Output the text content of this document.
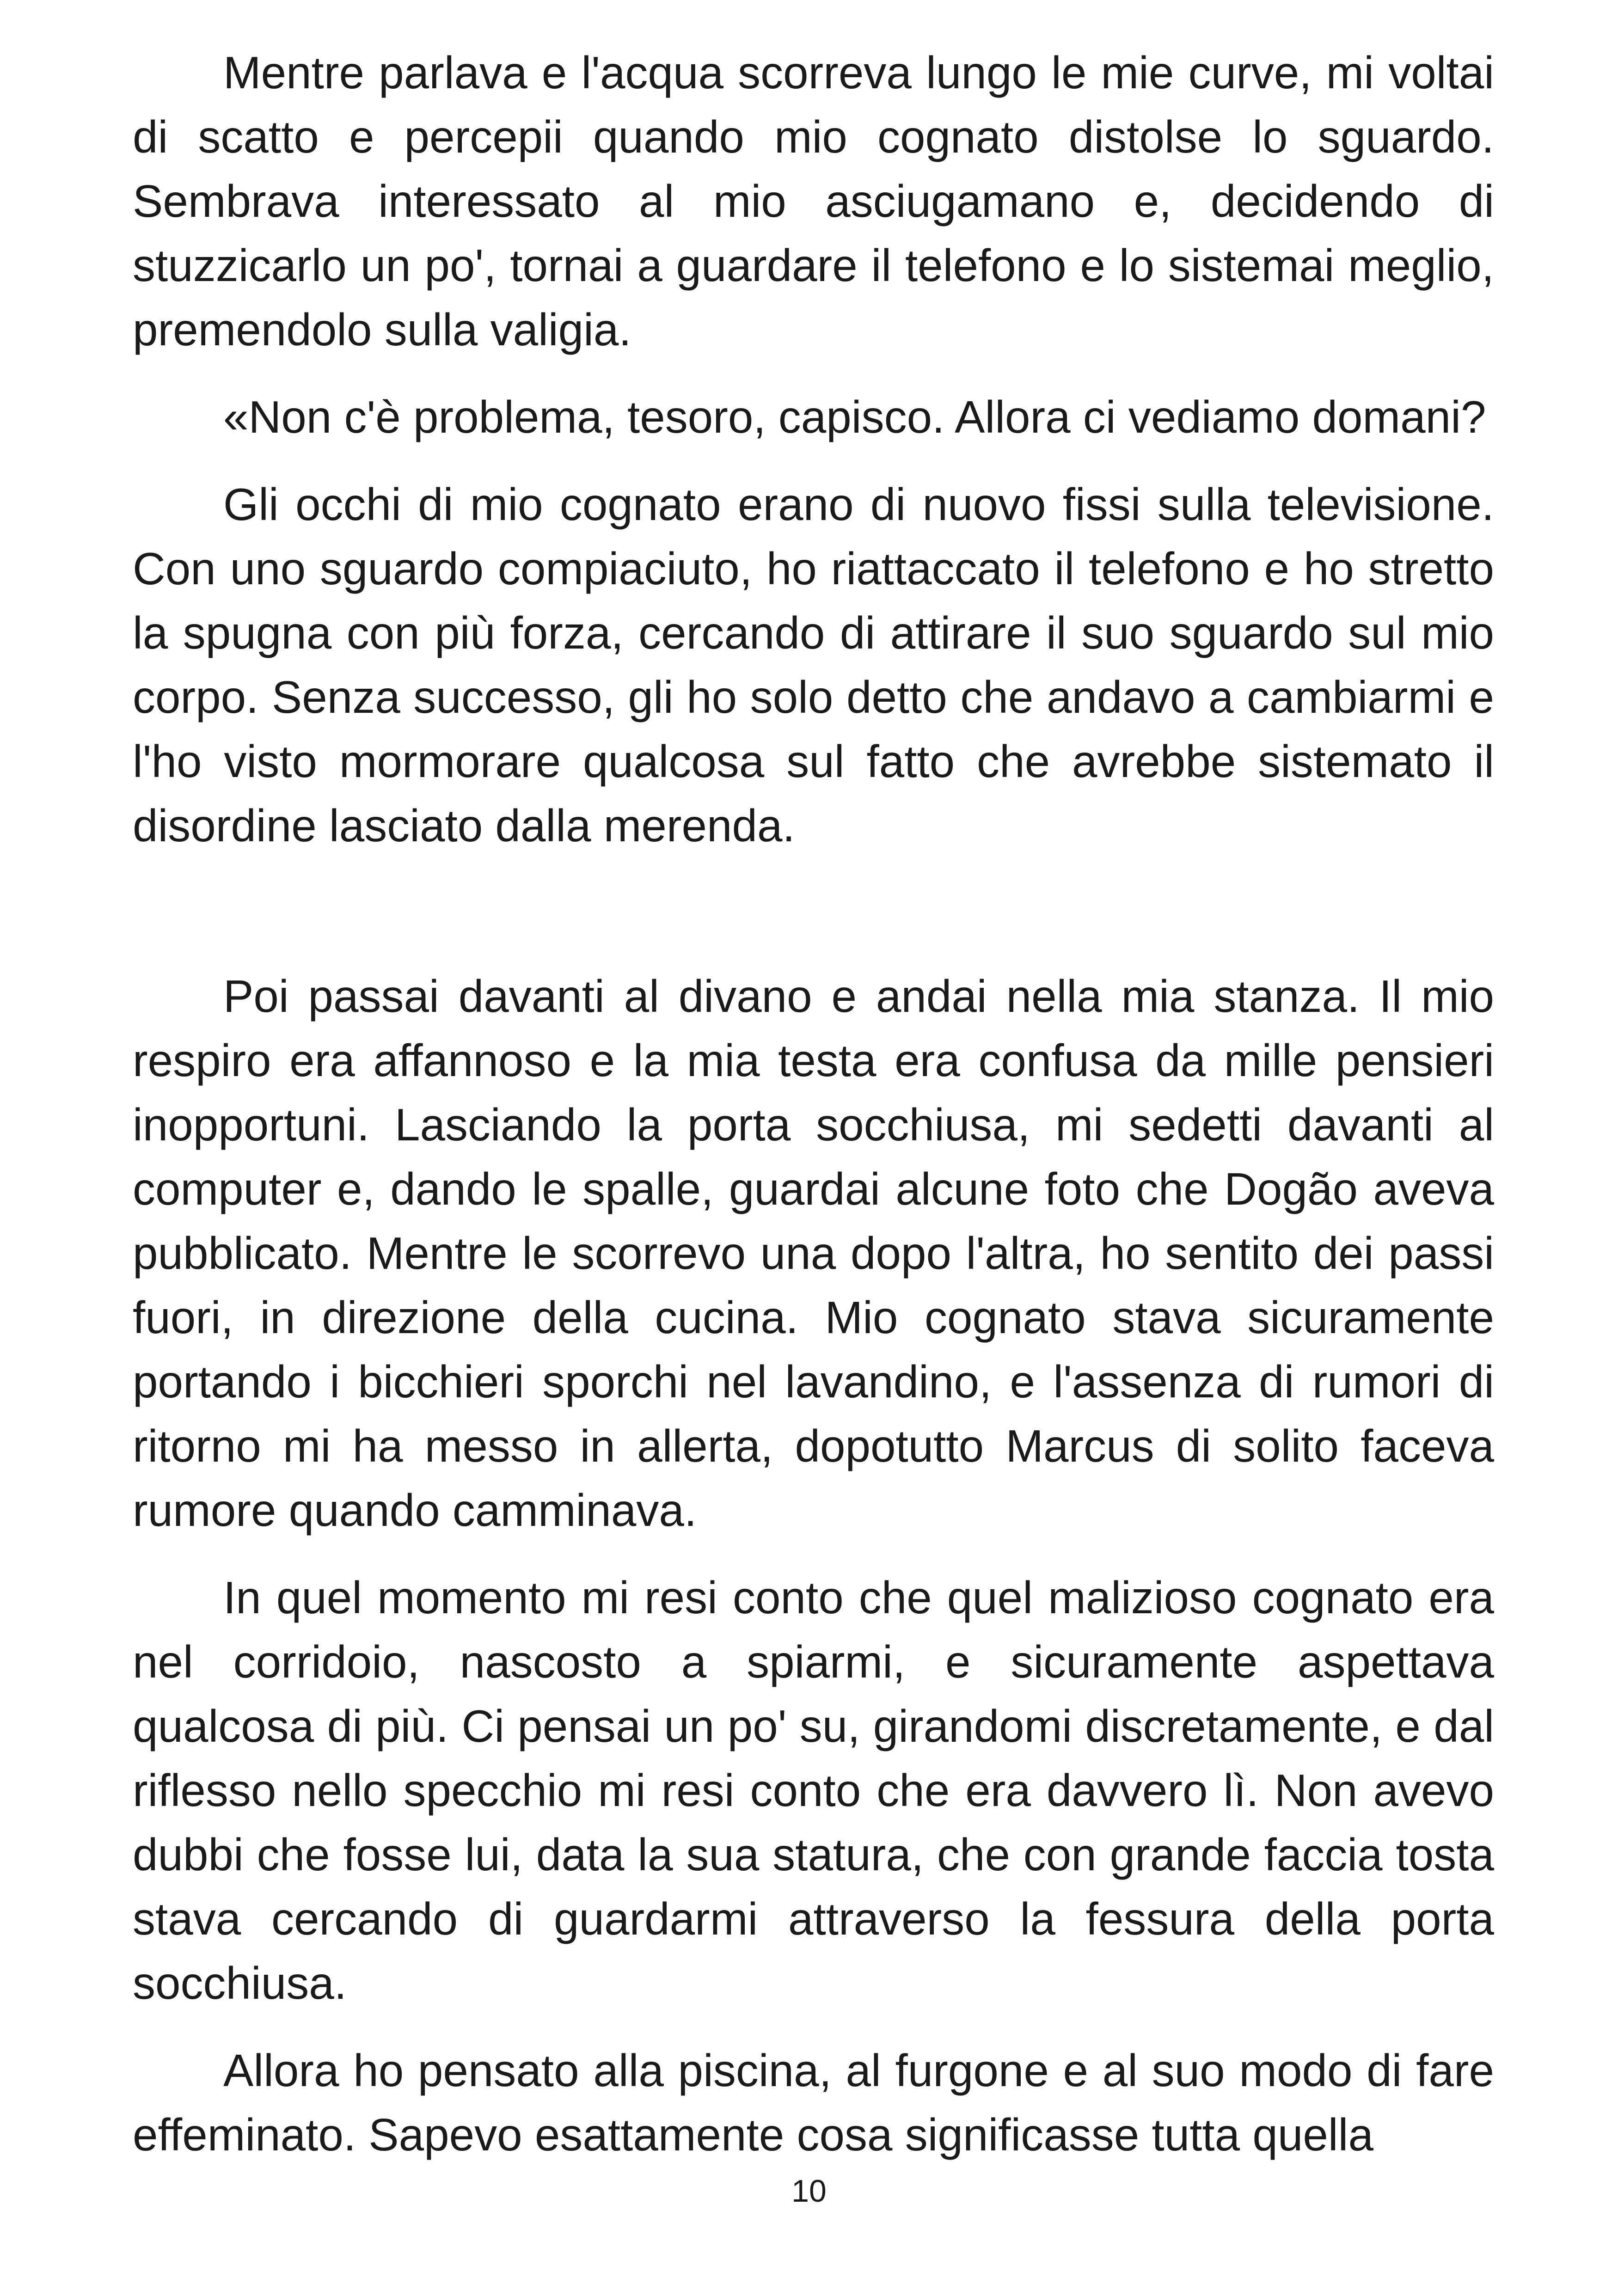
Mentre parlava e l'acqua scorreva lungo le mie curve, mi voltai di scatto e percepii quando mio cognato distolse lo sguardo. Sembrava interessato al mio asciugamano e, decidendo di stuzzicarlo un po', tornai a guardare il telefono e lo sistemai meglio, premendolo sulla valigia.

«Non c'è problema, tesoro, capisco. Allora ci vediamo domani?

Gli occhi di mio cognato erano di nuovo fissi sulla televisione. Con uno sguardo compiaciuto, ho riattaccato il telefono e ho stretto la spugna con più forza, cercando di attirare il suo sguardo sul mio corpo. Senza successo, gli ho solo detto che andavo a cambiarmi e l'ho visto mormorare qualcosa sul fatto che avrebbe sistemato il disordine lasciato dalla merenda.

Poi passai davanti al divano e andai nella mia stanza. Il mio respiro era affannoso e la mia testa era confusa da mille pensieri inopportuni. Lasciando la porta socchiusa, mi sedetti davanti al computer e, dando le spalle, guardai alcune foto che Dogão aveva pubblicato. Mentre le scorrevo una dopo l'altra, ho sentito dei passi fuori, in direzione della cucina. Mio cognato stava sicuramente portando i bicchieri sporchi nel lavandino, e l'assenza di rumori di ritorno mi ha messo in allerta, dopotutto Marcus di solito faceva rumore quando camminava.

In quel momento mi resi conto che quel malizioso cognato era nel corridoio, nascosto a spiarmi, e sicuramente aspettava qualcosa di più. Ci pensai un po' su, girandomi discretamente, e dal riflesso nello specchio mi resi conto che era davvero lì. Non avevo dubbi che fosse lui, data la sua statura, che con grande faccia tosta stava cercando di guardarmi attraverso la fessura della porta socchiusa.

Allora ho pensato alla piscina, al furgone e al suo modo di fare effeminato. Sapevo esattamente cosa significasse tutta quella

10
